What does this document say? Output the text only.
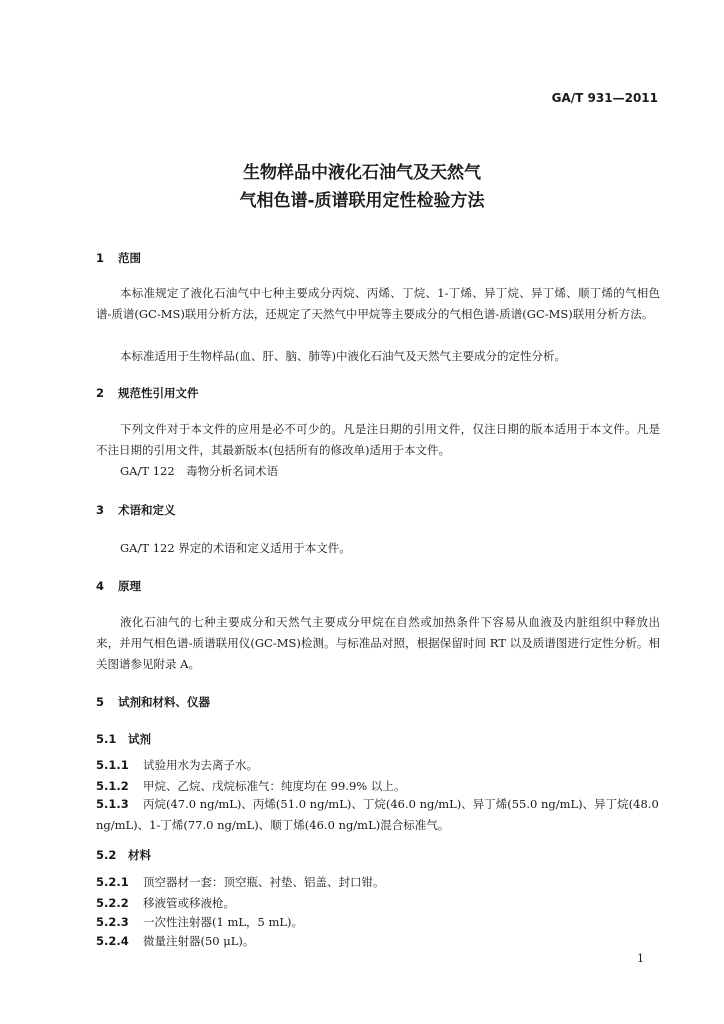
GA/T 931—2011
生物样品中液化石油气及天然气
气相色谱-质谱联用定性检验方法
1 范围
本标准规定了液化石油气中七种主要成分丙烷、丙烯、丁烷、1-丁烯、异丁烷、异丁烯、顺丁烯的气相色谱-质谱(GC-MS)联用分析方法，还规定了天然气中甲烷等主要成分的气相色谱-质谱(GC-MS)联用分析方法。
本标准适用于生物样品(血、肝、脑、肺等)中液化石油气及天然气主要成分的定性分析。
2 规范性引用文件
下列文件对于本文件的应用是必不可少的。凡是注日期的引用文件，仅注日期的版本适用于本文件。凡是不注日期的引用文件，其最新版本(包括所有的修改单)适用于本文件。
GA/T 122　毒物分析名词术语
3 术语和定义
GA/T 122 界定的术语和定义适用于本文件。
4 原理
液化石油气的七种主要成分和天然气主要成分甲烷在自然或加热条件下容易从血液及内脏组织中释放出来，并用气相色谱-质谱联用仪(GC-MS)检测。与标准品对照，根据保留时间 RT 以及质谱图进行定性分析。相关图谱参见附录 A。
5 试剂和材料、仪器
5.1 试剂
5.1.1 试验用水为去离子水。
5.1.2 甲烷、乙烷、戊烷标准气：纯度均在 99.9% 以上。
5.1.3 丙烷(47.0 ng/mL)、丙烯(51.0 ng/mL)、丁烷(46.0 ng/mL)、异丁烯(55.0 ng/mL)、异丁烷(48.0 ng/mL)、1-丁烯(77.0 ng/mL)、顺丁烯(46.0 ng/mL)混合标准气。
5.2 材料
5.2.1 顶空器材一套：顶空瓶、衬垫、铝盖、封口钳。
5.2.2 移液管或移液枪。
5.2.3 一次性注射器(1 mL，5 mL)。
5.2.4 微量注射器(50 μL)。
1
